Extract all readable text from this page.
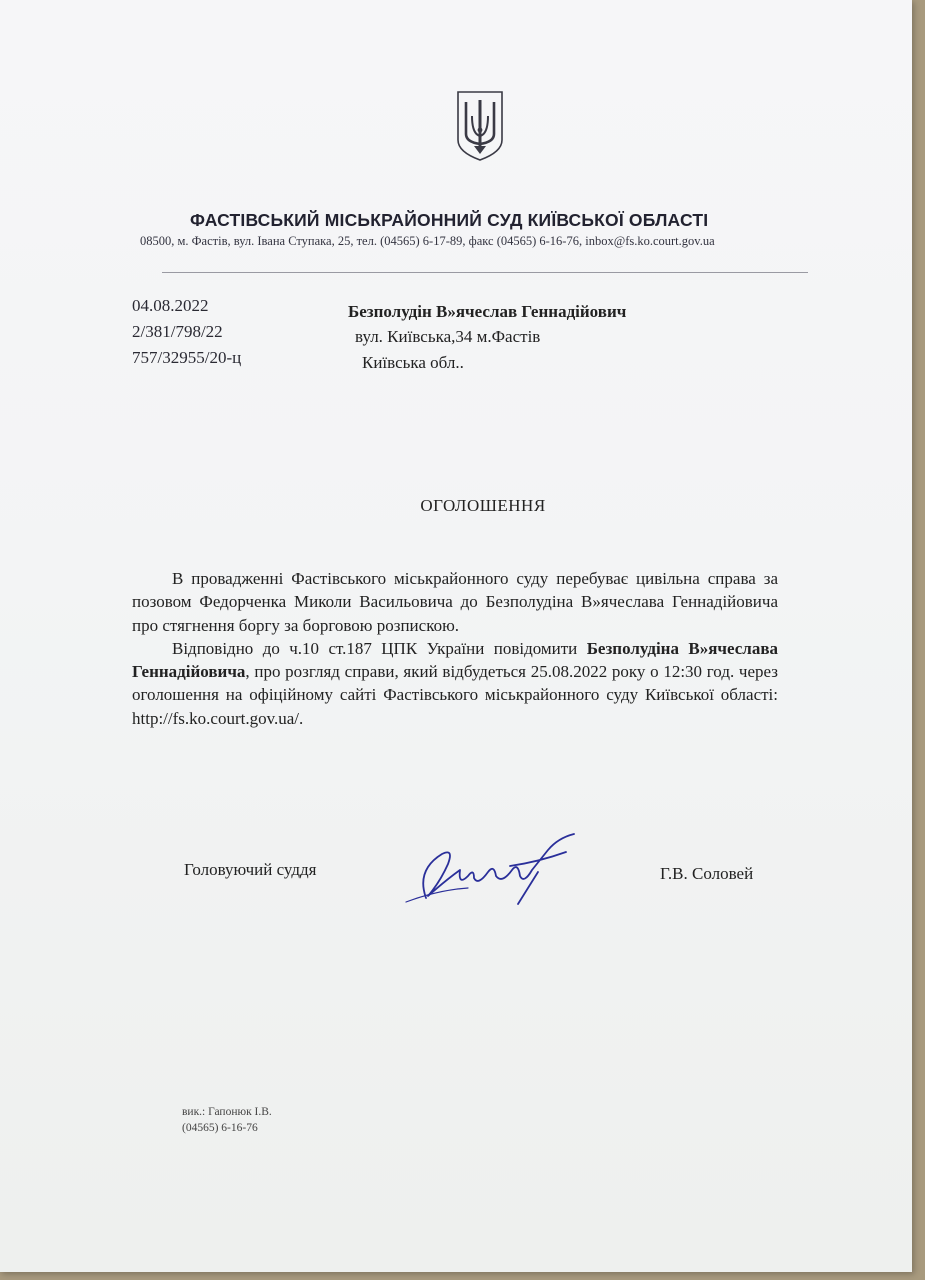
ФАСТІВСЬКИЙ МІСЬКРАЙОННИЙ СУД КИЇВСЬКОЇ ОБЛАСТІ
08500, м. Фастів, вул. Івана Ступака, 25, тел. (04565) 6-17-89, факс (04565) 6-16-76, inbox@fs.ko.court.gov.ua
04.08.2022
2/381/798/22
757/32955/20-ц
Безполудін В»ячеслав Геннадійович
вул. Київська,34 м.Фастів
Київська обл..
ОГОЛОШЕННЯ

В провадженні Фастівського міськрайонного суду перебуває цивільна справа за позовом Федорченка Миколи Васильовича до Безполудіна В»ячеслава Геннадійовича про стягнення боргу за борговою розпискою.

Відповідно до ч.10 ст.187 ЦПК України повідомити Безполудіна В»ячеслава Геннадійовича, про розгляд справи, який відбудеться 25.08.2022 року о 12:30 год. через оголошення на офіційному сайті Фастівського міськрайонного суду Київської області: http://fs.ko.court.gov.ua/.

Головуючий суддя	Г.В. Соловей
вик.: Гапонюк І.В.
(04565) 6-16-76
